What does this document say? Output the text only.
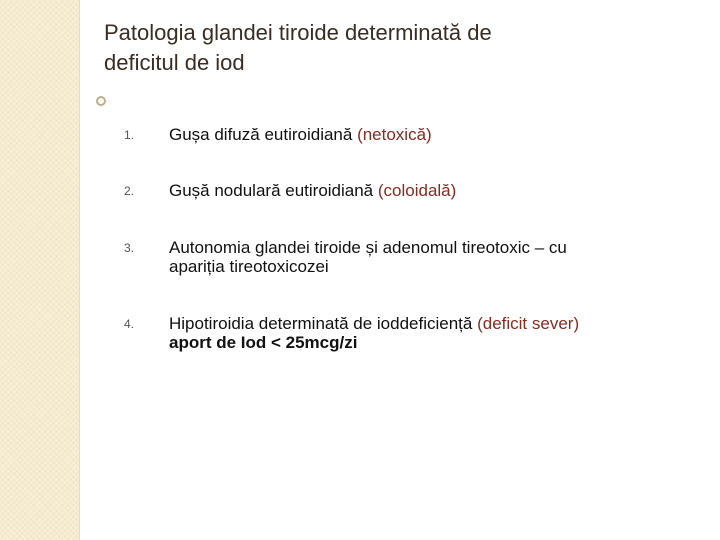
Patologia glandei tiroide determinată de
deficitul de iod
1. Gușa difuză eutiroidiană (netoxică)
2. Gușă nodulară eutiroidiană (coloidală)
3. Autonomia glandei tiroide și adenomul tireotoxic – cu
apariția tireotoxicozei
4. Hipotiroidia determinată de ioddeficiență (deficit sever)
aport de Iod < 25mcg/zi
